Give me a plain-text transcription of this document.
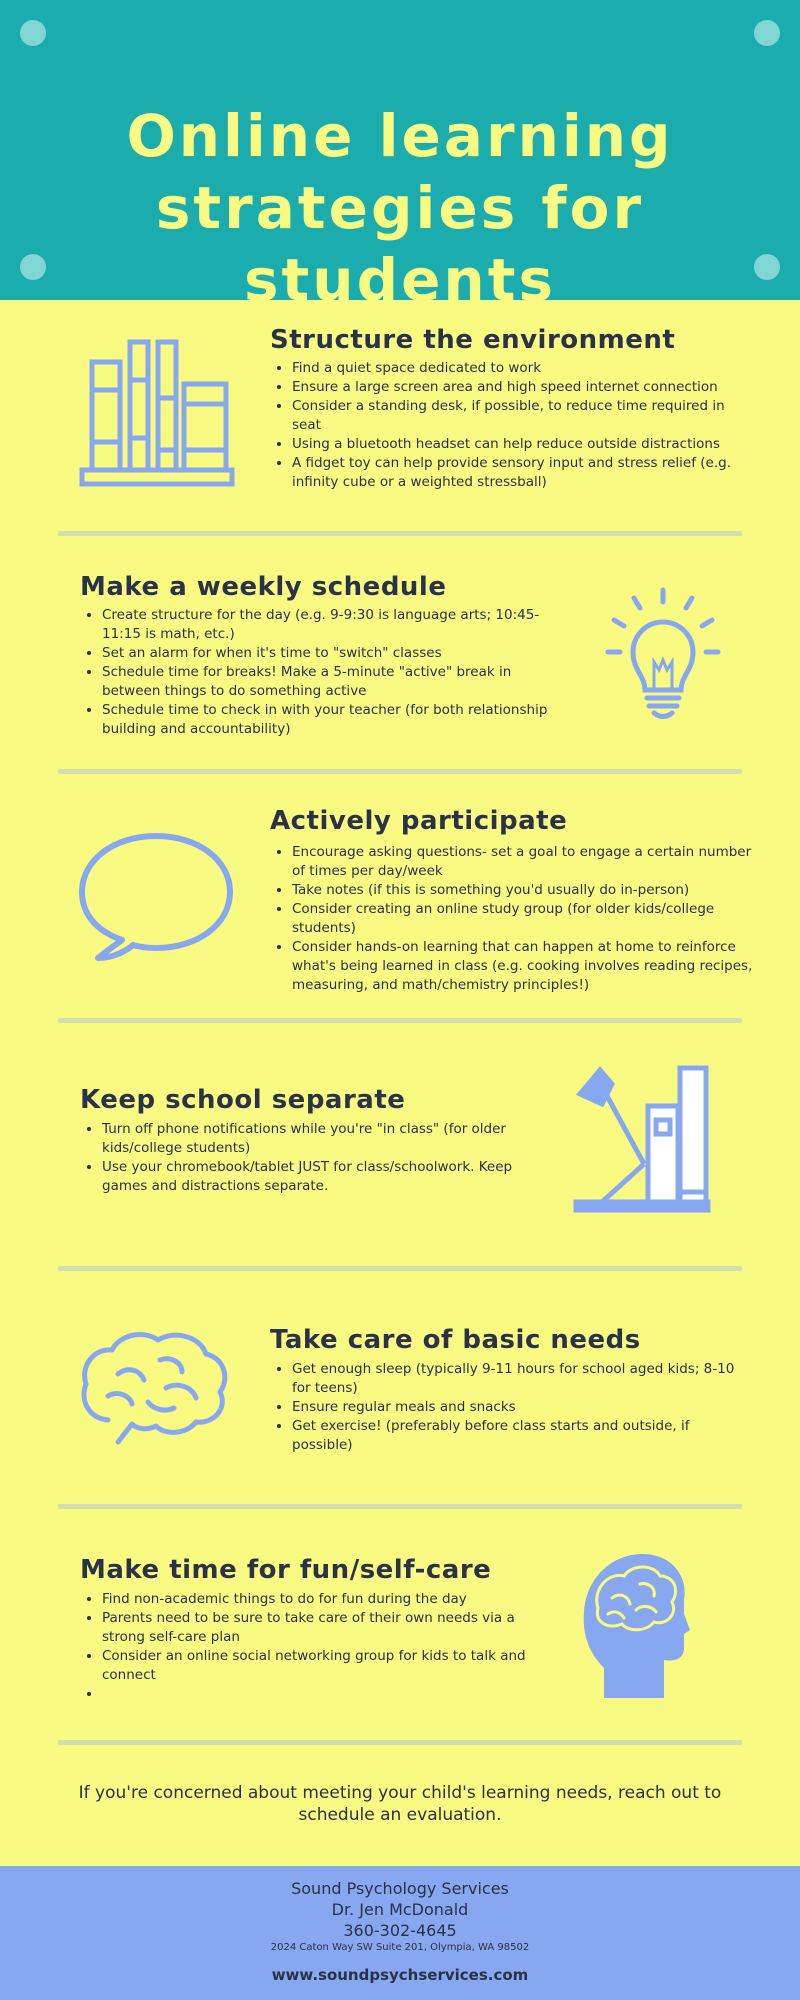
Online learning
strategies for students
Structure the environment
• Find a quiet space dedicated to work
• Ensure a large screen area and high speed internet connection
• Consider a standing desk, if possible, to reduce time required in seat
• Using a bluetooth headset can help reduce outside distractions
• A fidget toy can help provide sensory input and stress relief (e.g. infinity cube or a weighted stressball)
Make a weekly schedule
• Create structure for the day (e.g. 9-9:30 is language arts; 10:45-11:15 is math, etc.)
• Set an alarm for when it's time to "switch" classes
• Schedule time for breaks! Make a 5-minute "active" break in between things to do something active
• Schedule time to check in with your teacher (for both relationship building and accountability)
Actively participate
• Encourage asking questions- set a goal to engage a certain number of times per day/week
• Take notes (if this is something you'd usually do in-person)
• Consider creating an online study group (for older kids/college students)
• Consider hands-on learning that can happen at home to reinforce what's being learned in class (e.g. cooking involves reading recipes, measuring, and math/chemistry principles!)
Keep school separate
• Turn off phone notifications while you're "in class" (for older kids/college students)
• Use your chromebook/tablet JUST for class/schoolwork. Keep games and distractions separate.
Take care of basic needs
• Get enough sleep (typically 9-11 hours for school aged kids; 8-10 for teens)
• Ensure regular meals and snacks
• Get exercise! (preferably before class starts and outside, if possible)
Make time for fun/self-care
• Find non-academic things to do for fun during the day
• Parents need to be sure to take care of their own needs via a strong self-care plan
• Consider an online social networking group for kids to talk and connect
•

If you're concerned about meeting your child's learning needs, reach out to schedule an evaluation.

Sound Psychology Services
Dr. Jen McDonald
360-302-4645
2024 Caton Way SW Suite 201, Olympia, WA 98502
www.soundpsychservices.com
